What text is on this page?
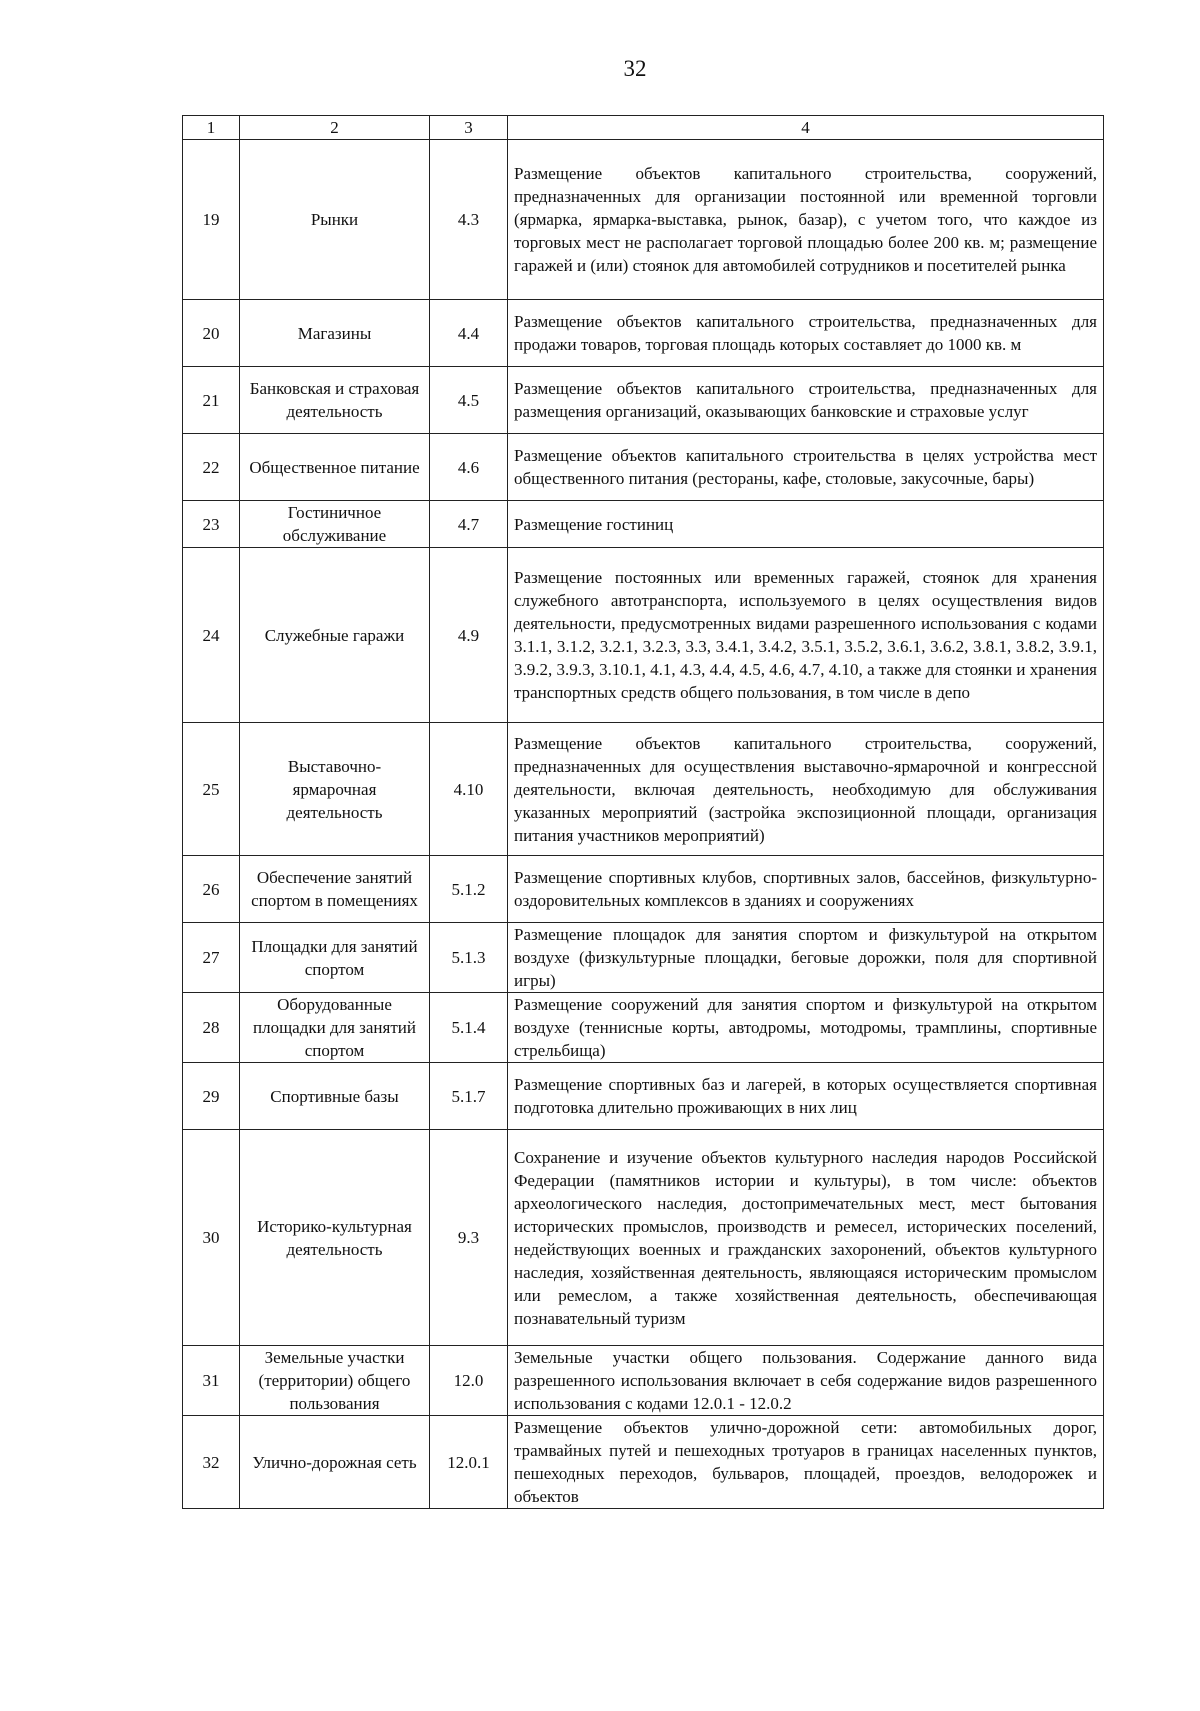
32
1	2	3	4
19	Рынки	4.3	Размещение объектов капитального строительства, сооружений, предназначенных для организации постоянной или временной торговли (ярмарка, ярмарка-выставка, рынок, базар), с учетом того, что каждое из торговых мест не располагает торговой площадью более 200 кв. м; размещение гаражей и (или) стоянок для автомобилей сотрудников и посетителей рынка
20	Магазины	4.4	Размещение объектов капитального строительства, предназначенных для продажи товаров, торговая площадь которых составляет до 1000 кв. м
21	Банковская и страховая деятельность	4.5	Размещение объектов капитального строительства, предназначенных для размещения организаций, оказывающих банковские и страховые услуг
22	Общественное питание	4.6	Размещение объектов капитального строительства в целях устройства мест общественного питания (рестораны, кафе, столовые, закусочные, бары)
23	Гостиничное обслуживание	4.7	Размещение гостиниц
24	Служебные гаражи	4.9	Размещение постоянных или временных гаражей, стоянок для хранения служебного автотранспорта, используемого в целях осуществления видов деятельности, предусмотренных видами разрешенного использования с кодами 3.1.1, 3.1.2, 3.2.1, 3.2.3, 3.3, 3.4.1, 3.4.2, 3.5.1, 3.5.2, 3.6.1, 3.6.2, 3.8.1, 3.8.2, 3.9.1, 3.9.2, 3.9.3, 3.10.1, 4.1, 4.3, 4.4, 4.5, 4.6, 4.7, 4.10, а также для стоянки и хранения транспортных средств общего пользования, в том числе в депо
25	Выставочно-ярмарочная деятельность	4.10	Размещение объектов капитального строительства, сооружений, предназначенных для осуществления выставочно-ярмарочной и конгрессной деятельности, включая деятельность, необходимую для обслуживания указанных мероприятий (застройка экспозиционной площади, организация питания участников мероприятий)
26	Обеспечение занятий спортом в помещениях	5.1.2	Размещение спортивных клубов, спортивных залов, бассейнов, физкультурно-оздоровительных комплексов в зданиях и сооружениях
27	Площадки для занятий спортом	5.1.3	Размещение площадок для занятия спортом и физкультурой на открытом воздухе (физкультурные площадки, беговые дорожки, поля для спортивной игры)
28	Оборудованные площадки для занятий спортом	5.1.4	Размещение сооружений для занятия спортом и физкультурой на открытом воздухе (теннисные корты, автодромы, мотодромы, трамплины, спортивные стрельбища)
29	Спортивные базы	5.1.7	Размещение спортивных баз и лагерей, в которых осуществляется спортивная подготовка длительно проживающих в них лиц
30	Историко-культурная деятельность	9.3	Сохранение и изучение объектов культурного наследия народов Российской Федерации (памятников истории и культуры), в том числе: объектов археологического наследия, достопримечательных мест, мест бытования исторических промыслов, производств и ремесел, исторических поселений, недействующих военных и гражданских захоронений, объектов культурного наследия, хозяйственная деятельность, являющаяся историческим промыслом или ремеслом, а также хозяйственная деятельность, обеспечивающая познавательный туризм
31	Земельные участки (территории) общего пользования	12.0	Земельные участки общего пользования. Содержание данного вида разрешенного использования включает в себя содержание видов разрешенного использования с кодами 12.0.1 - 12.0.2
32	Улично-дорожная сеть	12.0.1	Размещение объектов улично-дорожной сети: автомобильных дорог, трамвайных путей и пешеходных тротуаров в границах населенных пунктов, пешеходных переходов, бульваров, площадей, проездов, велодорожек и объектов
